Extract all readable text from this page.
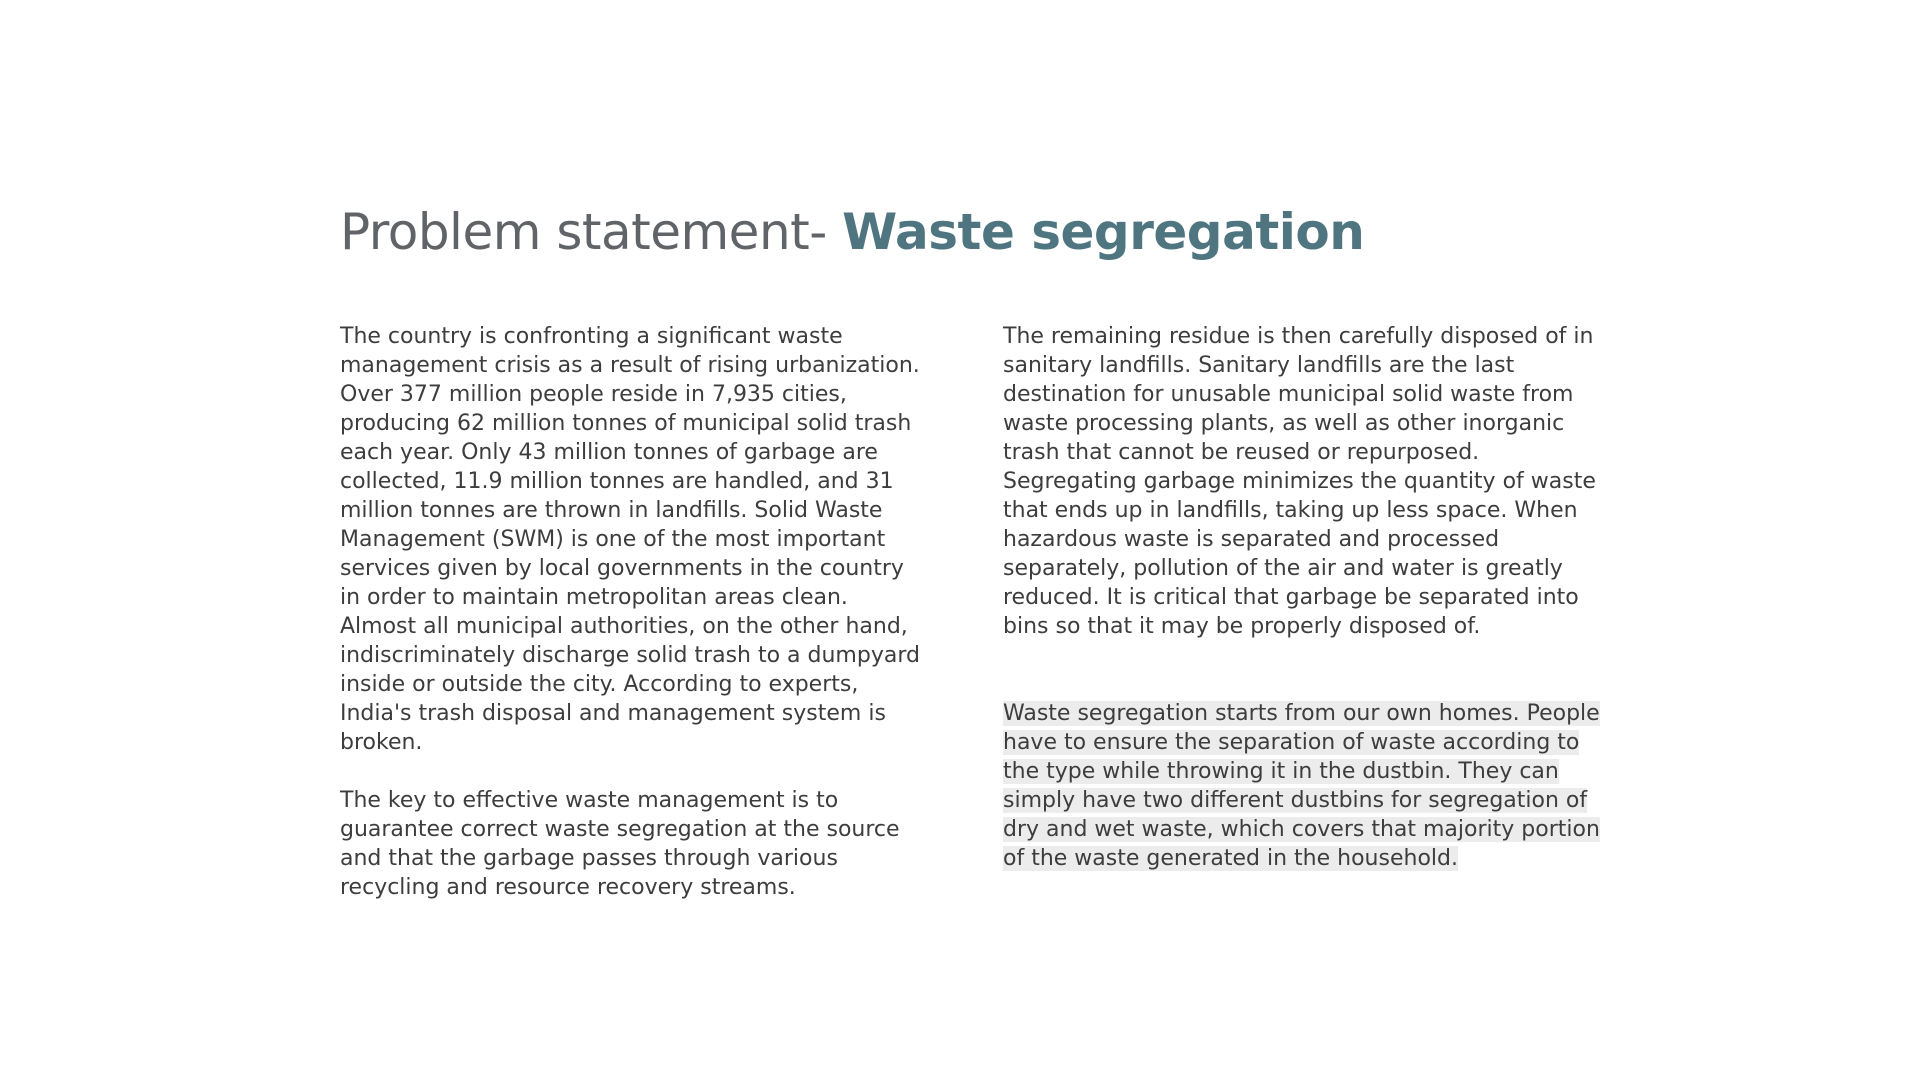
Problem statement- Waste segregation

The country is confronting a significant waste management crisis as a result of rising urbanization. Over 377 million people reside in 7,935 cities, producing 62 million tonnes of municipal solid trash each year. Only 43 million tonnes of garbage are collected, 11.9 million tonnes are handled, and 31 million tonnes are thrown in landfills. Solid Waste Management (SWM) is one of the most important services given by local governments in the country in order to maintain metropolitan areas clean. Almost all municipal authorities, on the other hand, indiscriminately discharge solid trash to a dumpyard inside or outside the city. According to experts, India's trash disposal and management system is broken.

The key to effective waste management is to guarantee correct waste segregation at the source and that the garbage passes through various recycling and resource recovery streams.

The remaining residue is then carefully disposed of in sanitary landfills. Sanitary landfills are the last destination for unusable municipal solid waste from waste processing plants, as well as other inorganic trash that cannot be reused or repurposed. Segregating garbage minimizes the quantity of waste that ends up in landfills, taking up less space. When hazardous waste is separated and processed separately, pollution of the air and water is greatly reduced. It is critical that garbage be separated into bins so that it may be properly disposed of.

Waste segregation starts from our own homes. People have to ensure the separation of waste according to the type while throwing it in the dustbin. They can simply have two different dustbins for segregation of dry and wet waste, which covers that majority portion of the waste generated in the household.
